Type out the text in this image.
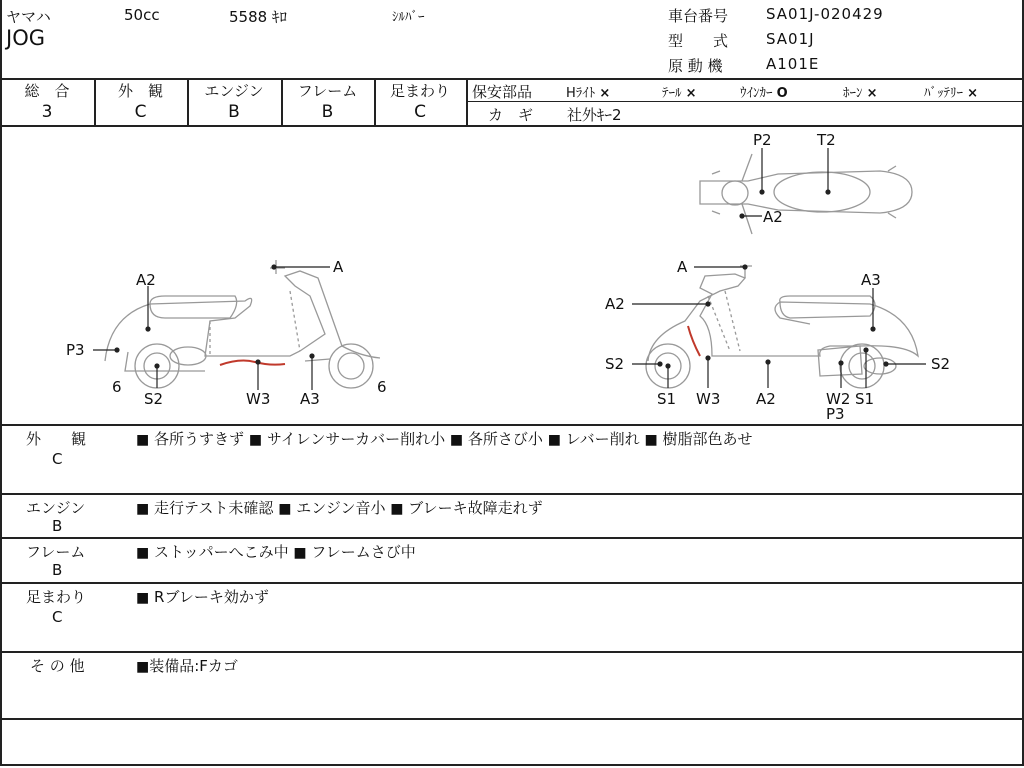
ヤマハ	50cc	5588 ｷﾛ	ｼﾙﾊﾞｰ
JOG
車台番号	SA01J-020429
型　　式	SA01J
原 動 機	A101E
総　合
3
外　観
C
エンジン
B
フレーム
B
足まわり
C
保安部品	Hﾗｲﾄ ×	ﾃｰﾙ ×	ｳｲﾝｶｰ O	ﾎｰﾝ ×	ﾊﾞｯﾃﾘｰ ×
カ　ギ 社外ｷｰ2
A
A2
P3
6
S2	W3 A3
6
A
A2
S2
S1 W3 A2
A3
W2
P3
S1
S2
P2	T2
A2
外　　観
C
■ 各所うすきず ■ サイレンサーカバー削れ小 ■ 各所さび小 ■ レバー削れ ■ 樹脂部色あせ
エンジン
B
■ 走行テスト未確認 ■ エンジン音小 ■ ブレーキ故障走れず
フレーム
B
■ ストッパーへこみ中 ■ フレームさび中
足まわり
C
■ Rブレーキ効かず
そ の 他	■装備品:Fカゴ
